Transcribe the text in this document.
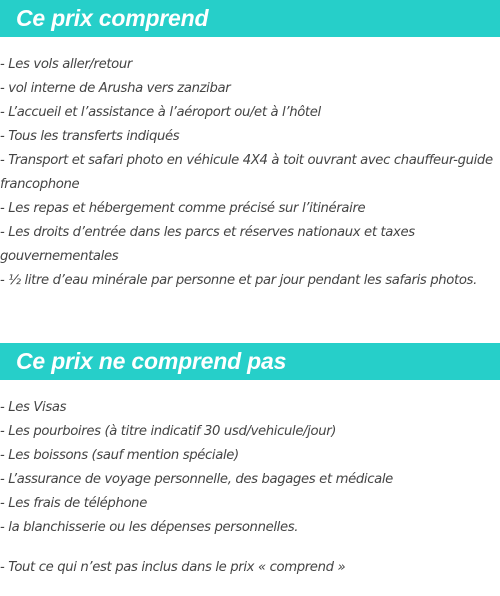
Ce prix comprend
- Les vols aller/retour
- vol interne de Arusha vers zanzibar
- L’accueil et l’assistance à l’aéroport ou/et à l’hôtel
- Tous les transferts indiqués
- Transport et safari photo en véhicule 4X4 à toit ouvrant avec chauffeur-guide francophone
- Les repas et hébergement comme précisé sur l’itinéraire
- Les droits d’entrée dans les parcs et réserves nationaux et taxes gouvernementales
- ½ litre d’eau minérale par personne et par jour pendant les safaris photos.
Ce prix ne comprend pas
- Les Visas
- Les pourboires (à titre indicatif 30 usd/vehicule/jour)
- Les boissons (sauf mention spéciale)
- L’assurance de voyage personnelle, des bagages et médicale
- Les frais de téléphone
- la blanchisserie ou les dépenses personnelles.

- Tout ce qui n’est pas inclus dans le prix « comprend »
